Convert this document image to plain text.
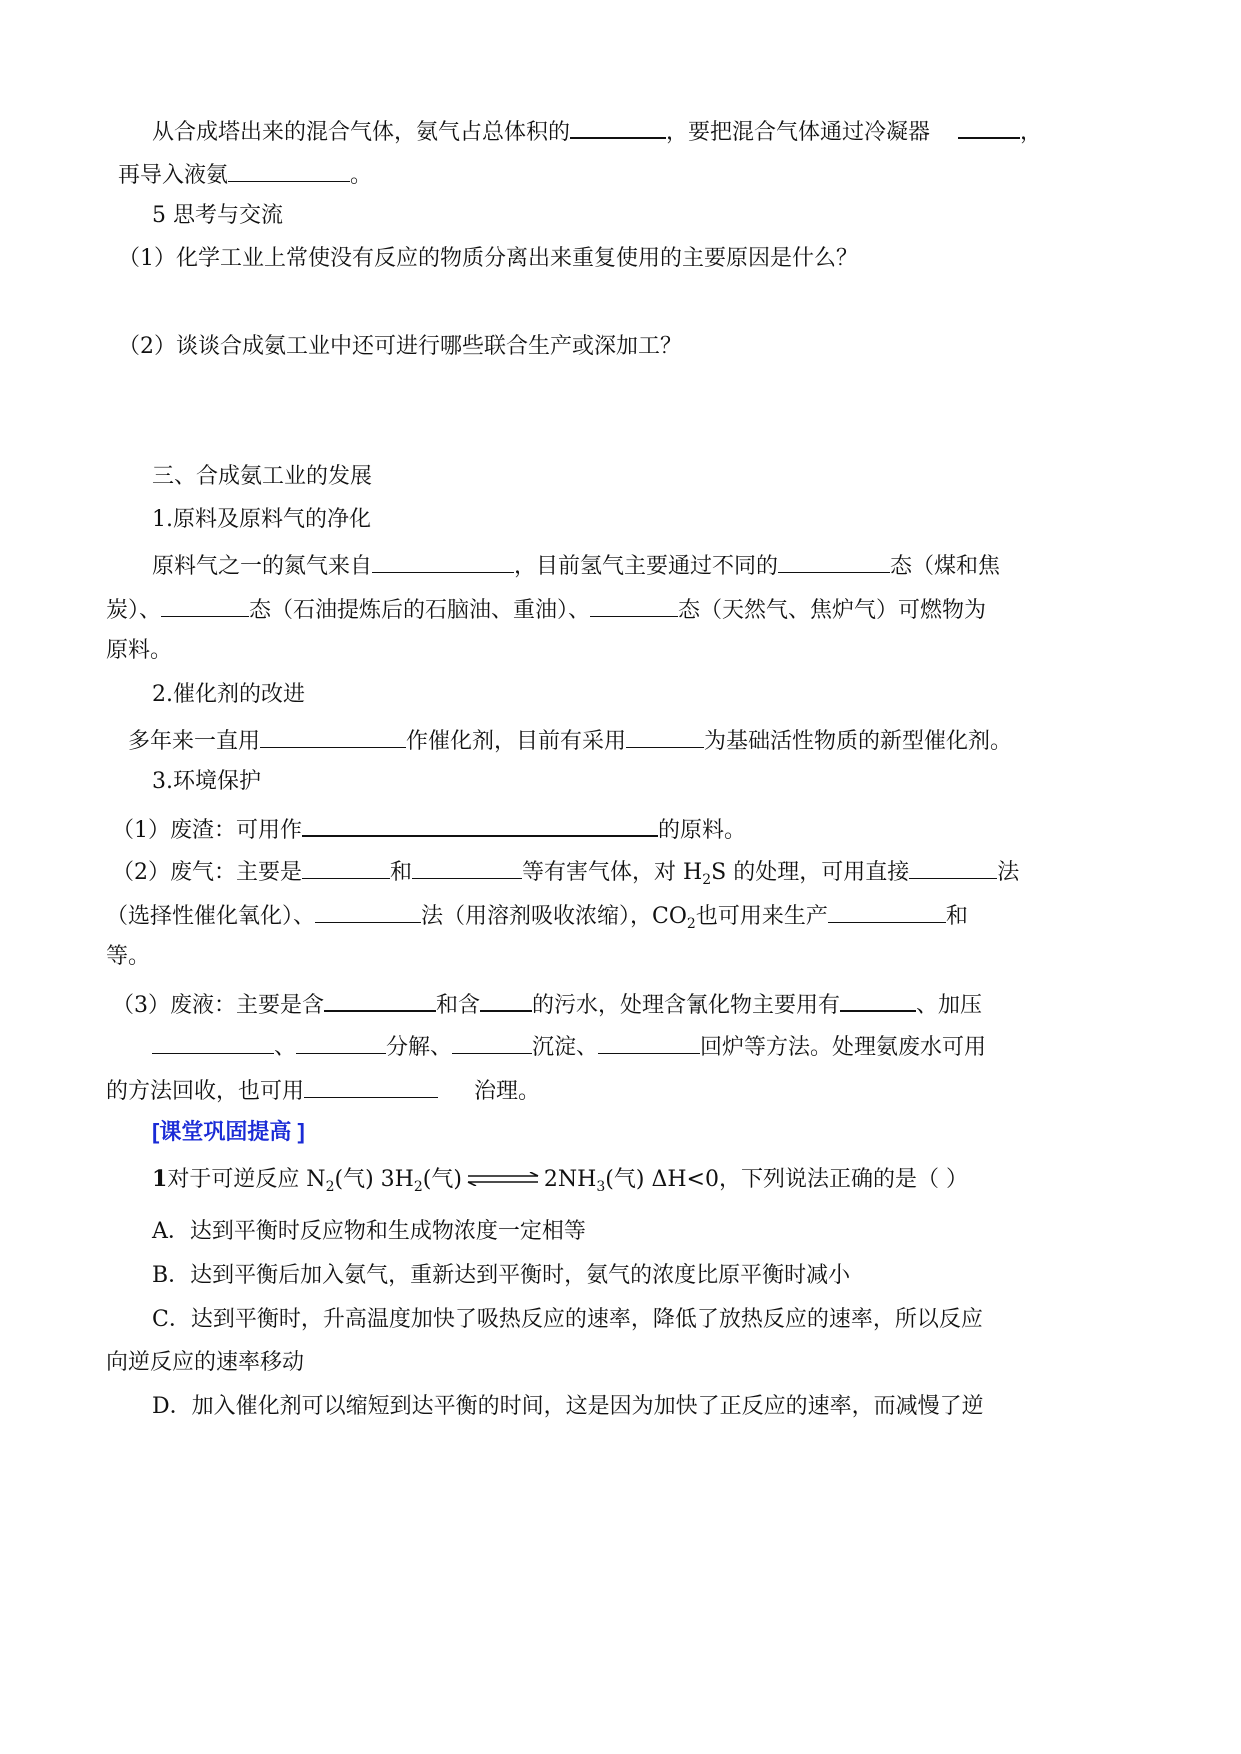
从合成塔出来的混合气体，氨气占总体积的	，要把混合气体通过冷凝器	，
再导入液氨	。
5 思考与交流
（1）化学工业上常使没有反应的物质分离出来重复使用的主要原因是什么？
（2）谈谈合成氨工业中还可进行哪些联合生产或深加工？
三、合成氨工业的发展
1.原料及原料气的净化
原料气之一的氮气来自	，目前氢气主要通过不同的	态（煤和焦
炭）、	态（石油提炼后的石脑油、重油）、	态（天然气、焦炉气）可燃物为
原料。
2.催化剂的改进
多年来一直用	作催化剂，目前有采用	为基础活性物质的新型催化剂。
3.环境保护
（1）废渣：可用作	的原料。
（2）废气：主要是	和	等有害气体，对 $H_2S$ 的处理，可用直接	法
（选择性催化氧化）、	法（用溶剂吸收浓缩），$CO_2$也可用来生产	和
等。
（3）废液：主要是含	和含 的污水，处理含氰化物主要用有	、加压
、	分解、	沉淀、	回炉等方法。处理氨废水可用
的方法回收，也可用	治理。
[课堂巩固提高 ]
1对于可逆反应 $N_2$(气) $3H_2$(气) ⇌ $2NH_3$(气) ΔH<0，下列说法正确的是（ ）
A．达到平衡时反应物和生成物浓度一定相等
B．达到平衡后加入氨气，重新达到平衡时，氨气的浓度比原平衡时减小
C．达到平衡时，升高温度加快了吸热反应的速率，降低了放热反应的速率，所以反应
向逆反应的速率移动
D．加入催化剂可以缩短到达平衡的时间，这是因为加快了正反应的速率，而减慢了逆
